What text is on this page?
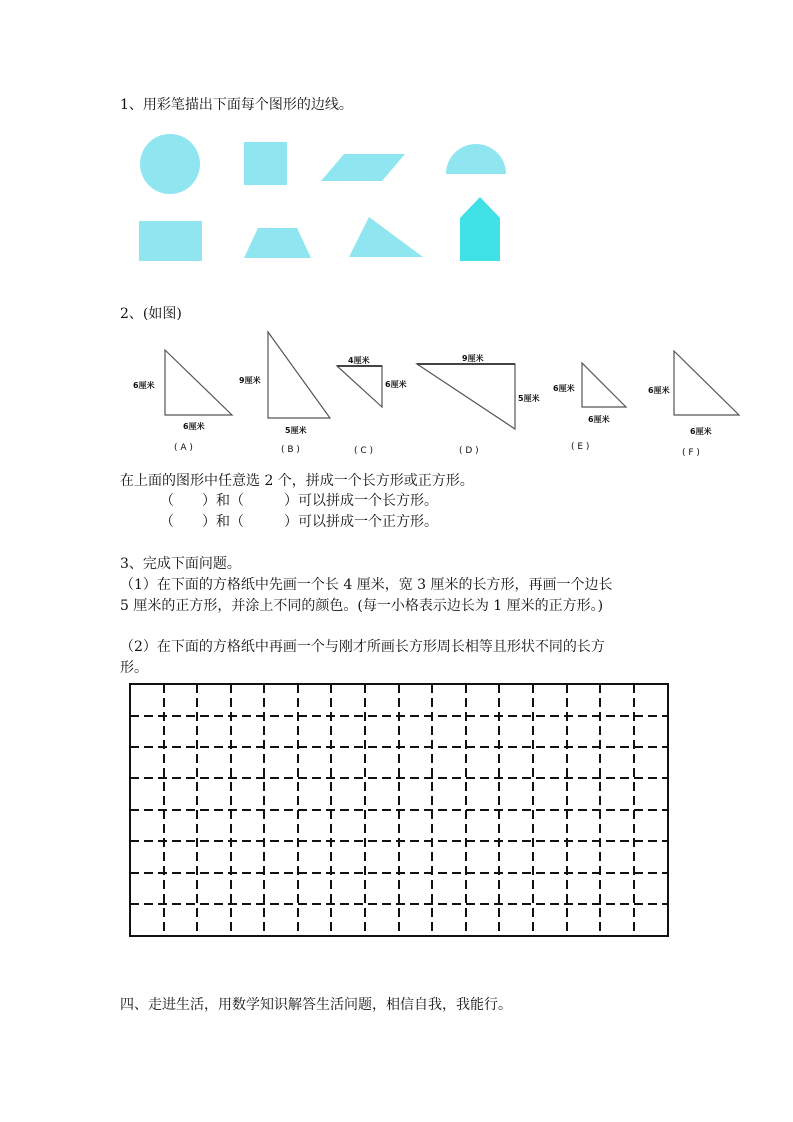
1、用彩笔描出下面每个图形的边线。
2、(如图)
6厘米
6厘米
( A )
9厘米
5厘米
( B )
4厘米
6厘米
( C )
9厘米
5厘米
( D )
6厘米
6厘米
( E )
6厘米
6厘米
( F )
在上面的图形中任意选 2 个，拼成一个长方形或正方形。
（ ）和（	）可以拼成一个长方形。
（ ）和（	）可以拼成一个正方形。
3、完成下面问题。
（1）在下面的方格纸中先画一个长 4 厘米，宽 3 厘米的长方形，再画一个边长
5 厘米的正方形，并涂上不同的颜色。(每一小格表示边长为 1 厘米的正方形。)
（2）在下面的方格纸中再画一个与刚才所画长方形周长相等且形状不同的长方
形。
四、走进生活，用数学知识解答生活问题，相信自我，我能行。
